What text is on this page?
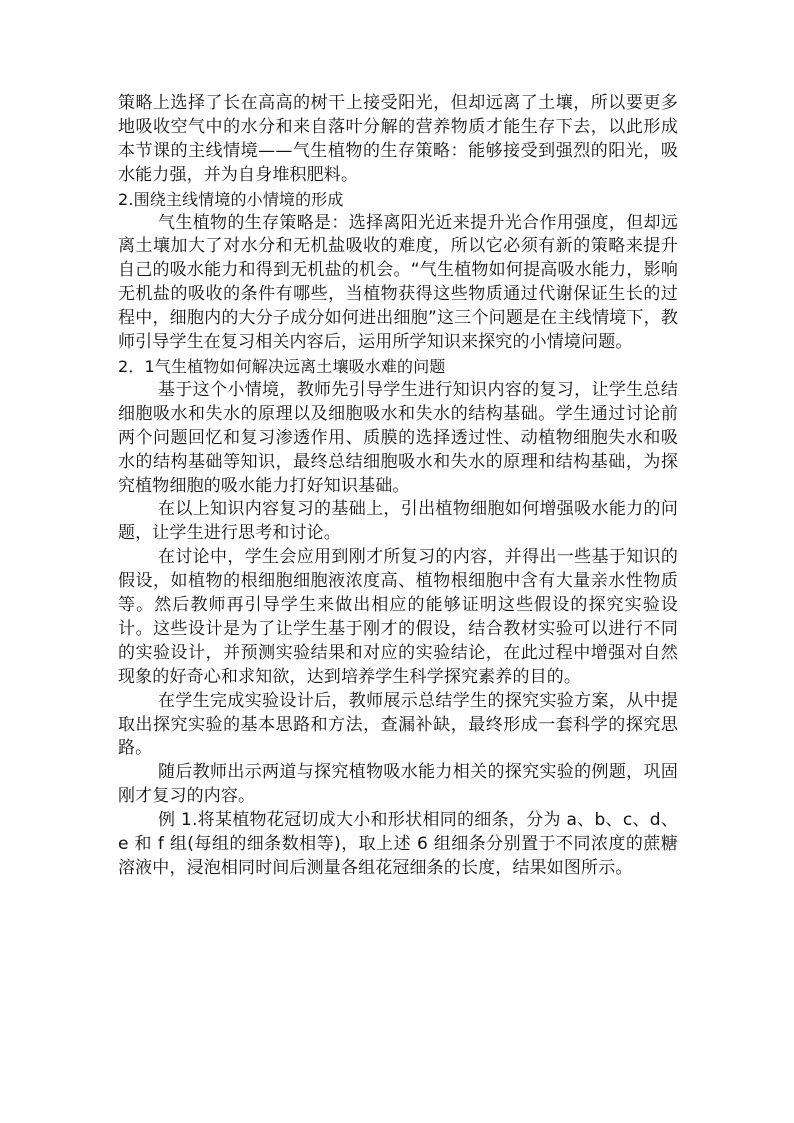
策略上选择了长在高高的树干上接受阳光，但却远离了土壤，所以要更多地吸收空气中的水分和来自落叶分解的营养物质才能生存下去，以此形成本节课的主线情境——气生植物的生存策略：能够接受到强烈的阳光，吸水能力强，并为自身堆积肥料。

2.围绕主线情境的小情境的形成

气生植物的生存策略是：选择离阳光近来提升光合作用强度，但却远离土壤加大了对水分和无机盐吸收的难度，所以它必须有新的策略来提升自己的吸水能力和得到无机盐的机会。“气生植物如何提高吸水能力，影响无机盐的吸收的条件有哪些，当植物获得这些物质通过代谢保证生长的过程中，细胞内的大分子成分如何进出细胞”这三个问题是在主线情境下，教师引导学生在复习相关内容后，运用所学知识来探究的小情境问题。

2．1气生植物如何解决远离土壤吸水难的问题

基于这个小情境，教师先引导学生进行知识内容的复习，让学生总结细胞吸水和失水的原理以及细胞吸水和失水的结构基础。学生通过讨论前两个问题回忆和复习渗透作用、质膜的选择透过性、动植物细胞失水和吸水的结构基础等知识，最终总结细胞吸水和失水的原理和结构基础，为探究植物细胞的吸水能力打好知识基础。

在以上知识内容复习的基础上，引出植物细胞如何增强吸水能力的问题，让学生进行思考和讨论。

在讨论中，学生会应用到刚才所复习的内容，并得出一些基于知识的假设，如植物的根细胞细胞液浓度高、植物根细胞中含有大量亲水性物质等。然后教师再引导学生来做出相应的能够证明这些假设的探究实验设计。这些设计是为了让学生基于刚才的假设，结合教材实验可以进行不同的实验设计，并预测实验结果和对应的实验结论，在此过程中增强对自然现象的好奇心和求知欲，达到培养学生科学探究素养的目的。

在学生完成实验设计后，教师展示总结学生的探究实验方案，从中提取出探究实验的基本思路和方法，查漏补缺，最终形成一套科学的探究思路。

随后教师出示两道与探究植物吸水能力相关的探究实验的例题，巩固刚才复习的内容。

例 1.将某植物花冠切成大小和形状相同的细条，分为 a、b、c、d、e 和 f 组(每组的细条数相等)，取上述 6 组细条分别置于不同浓度的蔗糖溶液中，浸泡相同时间后测量各组花冠细条的长度，结果如图所示。
